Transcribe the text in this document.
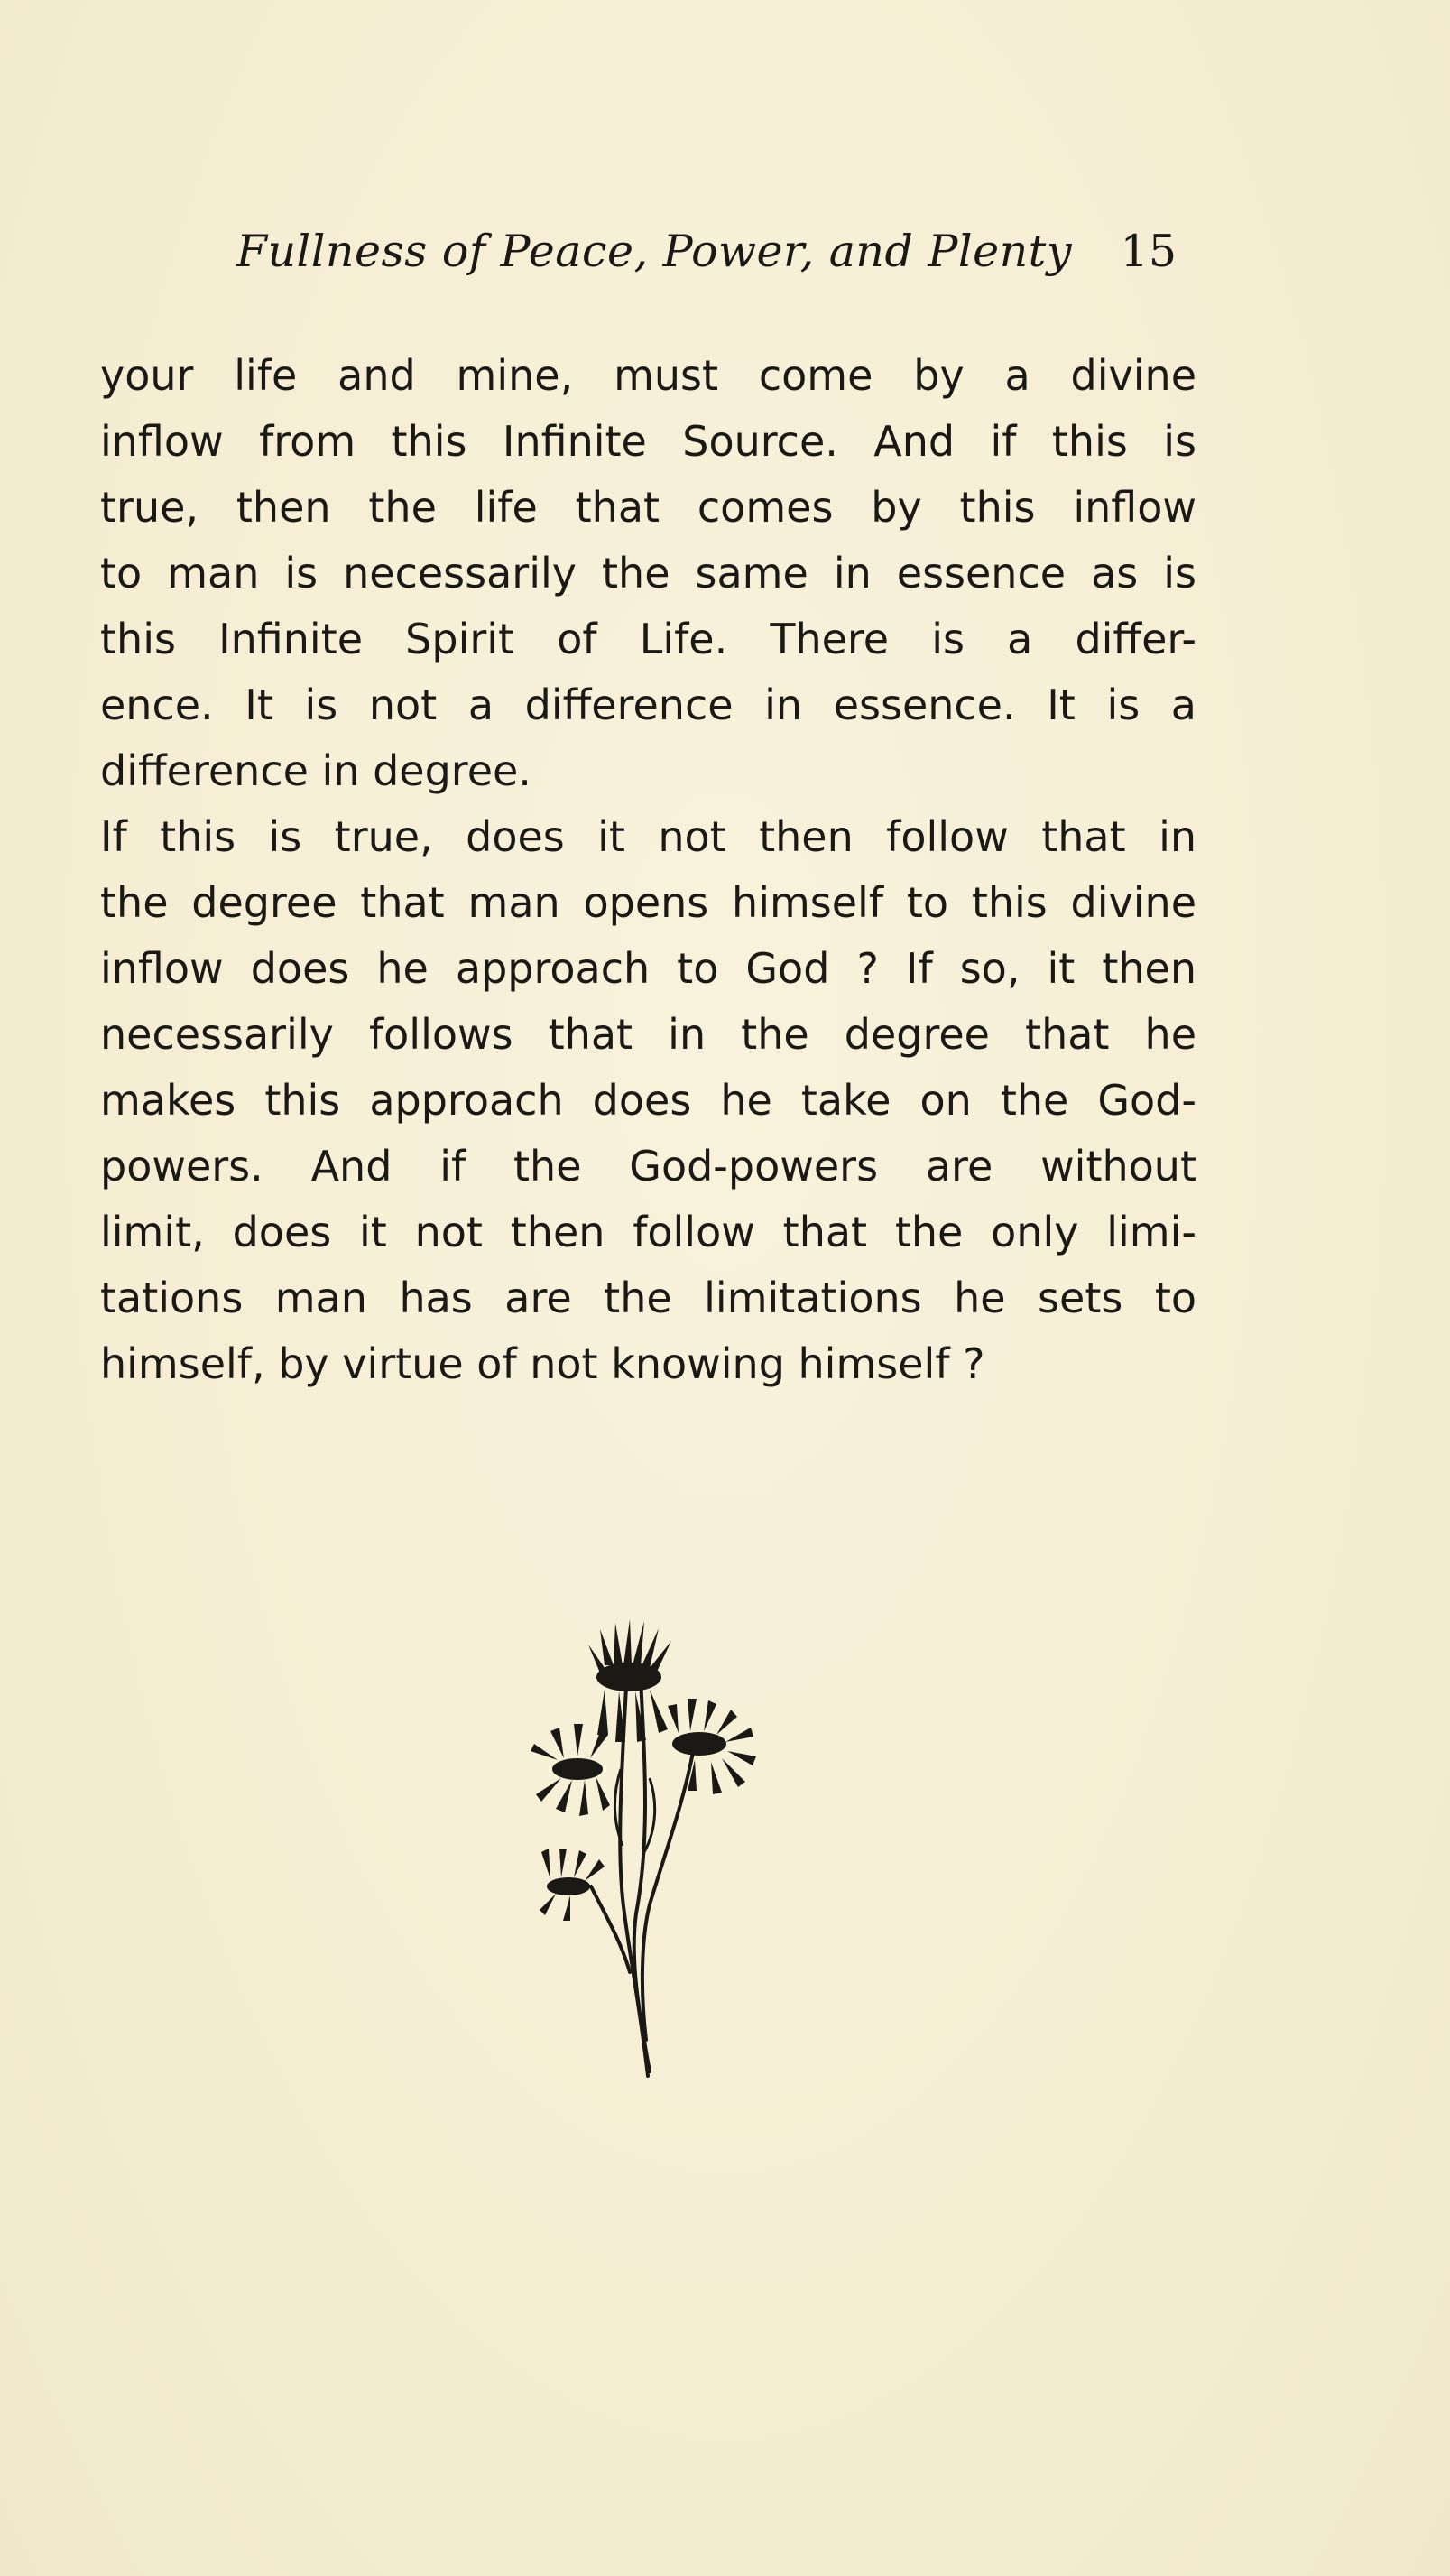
Fullness of Peace, Power, and Plenty 15
your life and mine, must come by a divine
inflow from this Infinite Source. And if this is
true, then the life that comes by this inflow
to man is necessarily the same in essence as is
this Infinite Spirit of Life. There is a differ-
ence. It is not a difference in essence. It is a
difference in degree.
If this is true, does it not then follow that in
the degree that man opens himself to this divine
inflow does he approach to God ? If so, it then
necessarily follows that in the degree that he
makes this approach does he take on the God-
powers. And if the God-powers are without
limit, does it not then follow that the only limi-
tations man has are the limitations he sets to
himself, by virtue of not knowing himself ?
